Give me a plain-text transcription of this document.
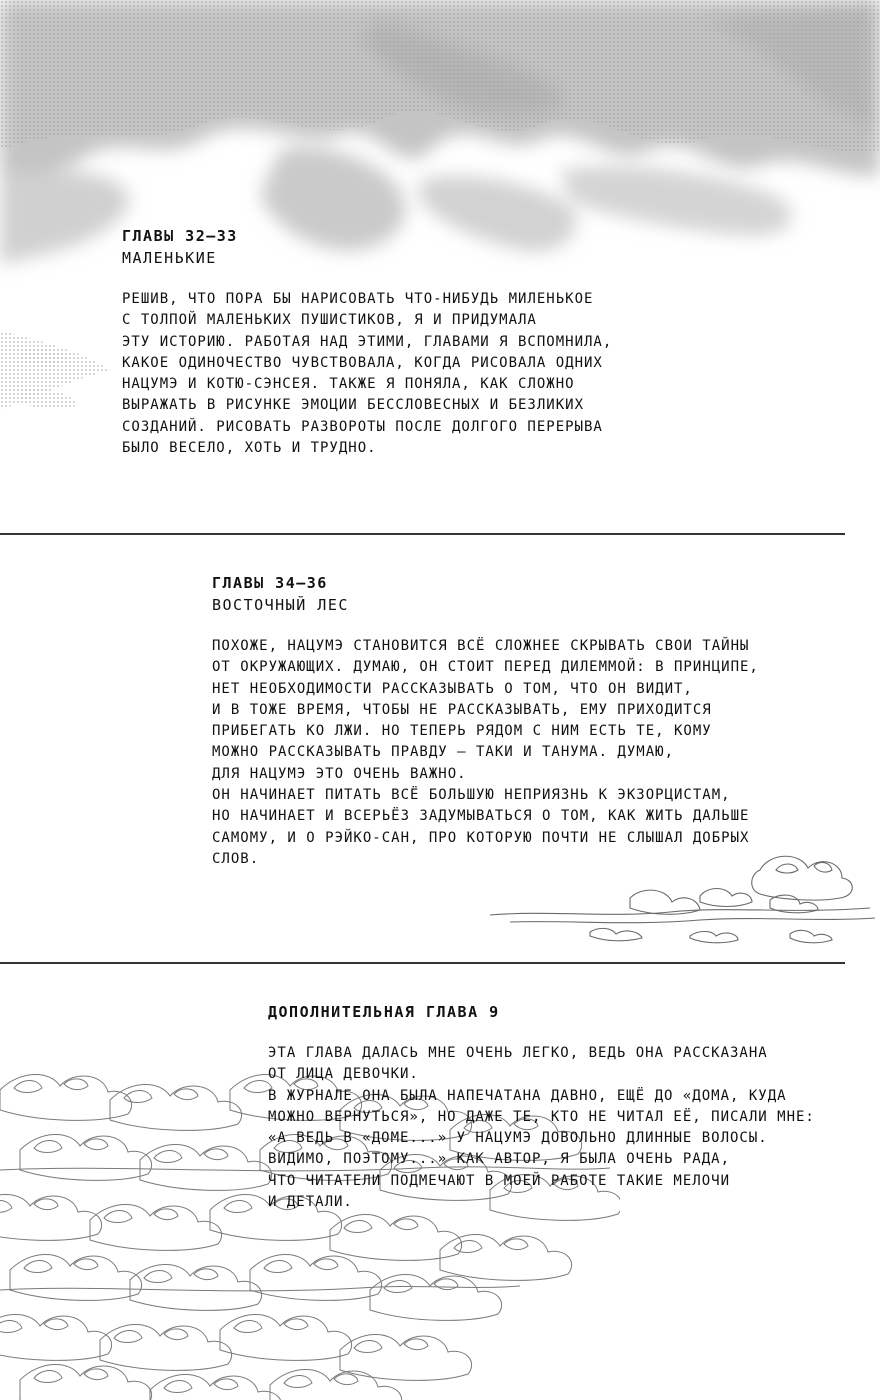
ГЛАВЫ 32–33

МАЛЕНЬКИЕ

РЕШИВ, ЧТО ПОРА БЫ НАРИСОВАТЬ ЧТО-НИБУДЬ МИЛЕНЬКОЕ

С ТОЛПОЙ МАЛЕНЬКИХ ПУШИСТИКОВ, Я И ПРИДУМАЛА

ЭТУ ИСТОРИЮ. РАБОТАЯ НАД ЭТИМИ, ГЛАВАМИ Я ВСПОМНИЛА,

КАКОЕ ОДИНОЧЕСТВО ЧУВСТВОВАЛА, КОГДА РИСОВАЛА ОДНИХ

НАЦУМЭ И КОТЮ-СЭНСЕЯ. ТАКЖЕ Я ПОНЯЛА, КАК СЛОЖНО

ВЫРАЖАТЬ В РИСУНКЕ ЭМОЦИИ БЕССЛОВЕСНЫХ И БЕЗЛИКИХ

СОЗДАНИЙ. РИСОВАТЬ РАЗВОРОТЫ ПОСЛЕ ДОЛГОГО ПЕРЕРЫВА

БЫЛО ВЕСЕЛО, ХОТЬ И ТРУДНО.

ГЛАВЫ 34–36

ВОСТОЧНЫЙ ЛЕС

ПОХОЖЕ, НАЦУМЭ СТАНОВИТСЯ ВСЁ СЛОЖНЕЕ СКРЫВАТЬ СВОИ ТАЙНЫ

ОТ ОКРУЖАЮЩИХ. ДУМАЮ, ОН СТОИТ ПЕРЕД ДИЛЕММОЙ: В ПРИНЦИПЕ,

НЕТ НЕОБХОДИМОСТИ РАССКАЗЫВАТЬ О ТОМ, ЧТО ОН ВИДИТ,

И В ТОЖЕ ВРЕМЯ, ЧТОБЫ НЕ РАССКАЗЫВАТЬ, ЕМУ ПРИХОДИТСЯ

ПРИБЕГАТЬ КО ЛЖИ. НО ТЕПЕРЬ РЯДОМ С НИМ ЕСТЬ ТЕ, КОМУ

МОЖНО РАССКАЗЫВАТЬ ПРАВДУ — ТАКИ И ТАНУМА. ДУМАЮ,

ДЛЯ НАЦУМЭ ЭТО ОЧЕНЬ ВАЖНО.

ОН НАЧИНАЕТ ПИТАТЬ ВСЁ БОЛЬШУЮ НЕПРИЯЗНЬ К ЭКЗОРЦИСТАМ,

НО НАЧИНАЕТ И ВСЕРЬЁЗ ЗАДУМЫВАТЬСЯ О ТОМ, КАК ЖИТЬ ДАЛЬШЕ

САМОМУ, И О РЭЙКО-САН, ПРО КОТОРУЮ ПОЧТИ НЕ СЛЫШАЛ ДОБРЫХ

СЛОВ.

ДОПОЛНИТЕЛЬНАЯ ГЛАВА 9

ЭТА ГЛАВА ДАЛАСЬ МНЕ ОЧЕНЬ ЛЕГКО, ВЕДЬ ОНА РАССКАЗАНА

ОТ ЛИЦА ДЕВОЧКИ.

В ЖУРНАЛЕ ОНА БЫЛА НАПЕЧАТАНА ДАВНО, ЕЩЁ ДО «ДОМА, КУДА

МОЖНО ВЕРНУТЬСЯ», НО ДАЖЕ ТЕ, КТО НЕ ЧИТАЛ ЕЁ, ПИСАЛИ МНЕ:

«А ВЕДЬ В «ДОМЕ...» У НАЦУМЭ ДОВОЛЬНО ДЛИННЫЕ ВОЛОСЫ.

ВИДИМО, ПОЭТОМУ...» КАК АВТОР, Я БЫЛА ОЧЕНЬ РАДА,

ЧТО ЧИТАТЕЛИ ПОДМЕЧАЮТ В МОЕЙ РАБОТЕ ТАКИЕ МЕЛОЧИ

И ДЕТАЛИ.
